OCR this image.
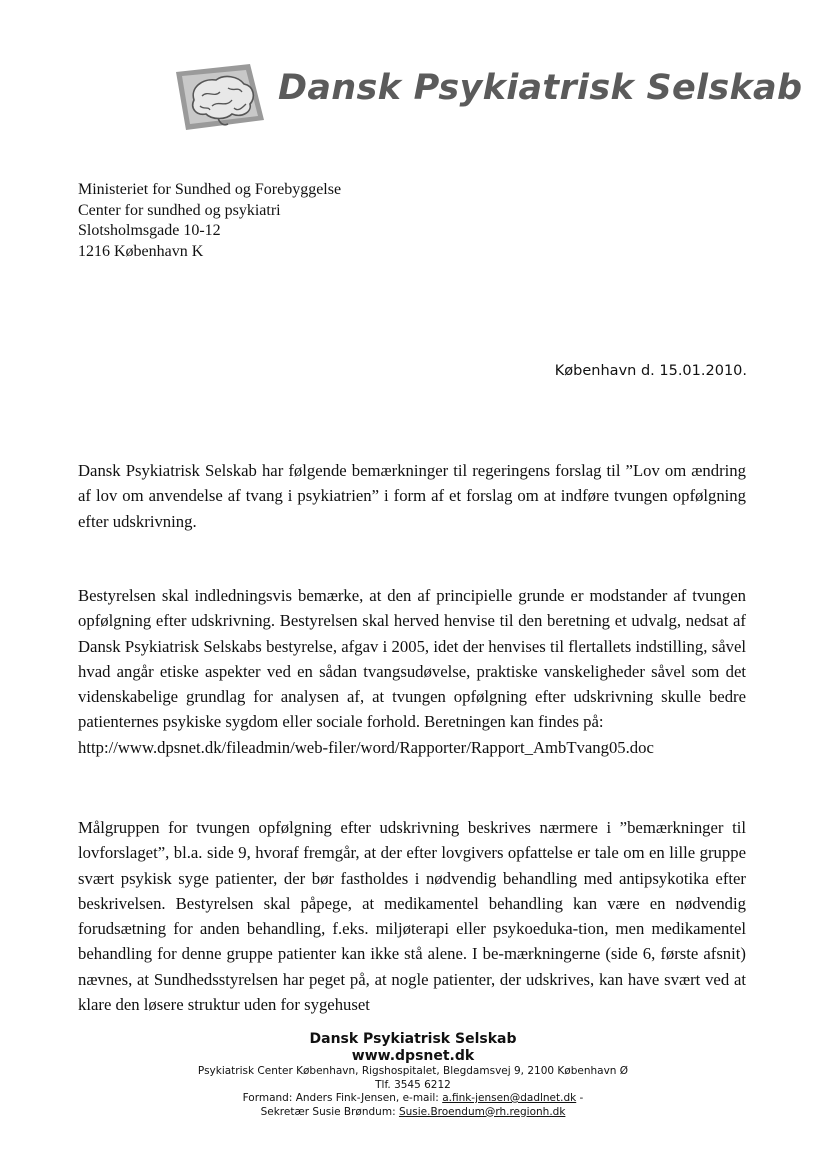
Dansk Psykiatrisk Selskab
Ministeriet for Sundhed og Forebyggelse
Center for sundhed og psykiatri
Slotsholmsgade 10-12
1216 København K
København d. 15.01.2010.
Dansk Psykiatrisk Selskab har følgende bemærkninger til regeringens forslag til ”Lov om ændring af lov om anvendelse af tvang i psykiatrien” i form af et forslag om at indføre tvungen opfølgning efter udskrivning.
Bestyrelsen skal indledningsvis bemærke, at den af principielle grunde er modstander af tvungen opfølgning efter udskrivning. Bestyrelsen skal herved henvise til den beretning et udvalg, nedsat af Dansk Psykiatrisk Selskabs bestyrelse, afgav i 2005, idet der henvises til flertallets indstilling, såvel hvad angår etiske aspekter ved en sådan tvangsudøvelse, praktiske vanskeligheder såvel som det videnskabelige grundlag for analysen af, at tvungen opfølgning efter udskrivning skulle bedre patienternes psykiske sygdom eller sociale forhold. Beretningen kan findes på:
http://www.dpsnet.dk/fileadmin/web-filer/word/Rapporter/Rapport_AmbTvang05.doc
Målgruppen for tvungen opfølgning efter udskrivning beskrives nærmere i ”bemærkninger til lovforslaget”, bl.a. side 9, hvoraf fremgår, at der efter lovgivers opfattelse er tale om en lille gruppe svært psykisk syge patienter, der bør fastholdes i nødvendig behandling med antipsykotika efter beskrivelsen. Bestyrelsen skal påpege, at medikamentel behandling kan være en nødvendig forudsætning for anden behandling, f.eks. miljøterapi eller psykoeduka-tion, men medikamentel behandling for denne gruppe patienter kan ikke stå alene. I be-mærkningerne (side 6, første afsnit) nævnes, at Sundhedsstyrelsen har peget på, at nogle patienter, der udskrives, kan have svært ved at klare den løsere struktur uden for sygehuset
Dansk Psykiatrisk Selskab
www.dpsnet.dk
Psykiatrisk Center København, Rigshospitalet, Blegdamsvej 9, 2100 København Ø
Tlf. 3545 6212
Formand: Anders Fink-Jensen, e-mail: a.fink-jensen@dadlnet.dk -
Sekretær Susie Brøndum: Susie.Broendum@rh.regionh.dk
